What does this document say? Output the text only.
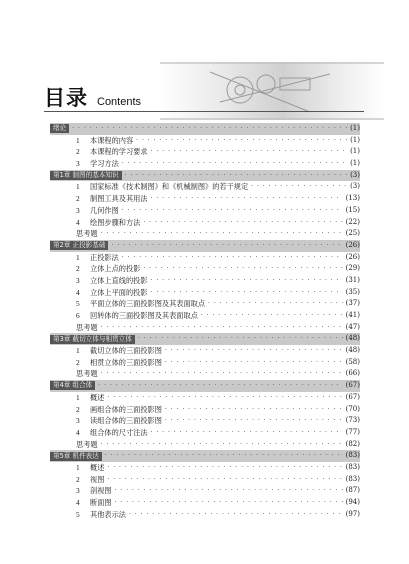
目录 Contents
绪论 · · ·	(1)
1	本课程的内容 · · ·	(1)
2	本课程的学习要求 · · ·	(1)
3	学习方法 · · ·	(1)
第1章 制图的基本知识 · · ·	(3)
1	国家标准《技术制图》和《机械制图》的若干规定 · · ·	(3)
2	制图工具及其用法 · · ·	(13)
3	几何作图 · · ·	(15)
4	绘图步骤和方法 · · ·	(22)
思考题 · · ·	(25)
第2章 正投影基础 · · ·	(26)
1	正投影法 · · ·	(26)
2	立体上点的投影 · · ·	(29)
3	立体上直线的投影 · · ·	(31)
4	立体上平面的投影 · · ·	(35)
5	平面立体的三面投影图及其表面取点 · · ·	(37)
6	回转体的三面投影图及其表面取点 · · ·	(41)
思考题 · · ·	(47)
第3章 截切立体与相贯立体 · · ·	(48)
1	截切立体的三面投影图 · · ·	(48)
2	相贯立体的三面投影图 · · ·	(58)
思考题 · · ·	(66)
第4章 组合体 · · ·	(67)
1	概述 · · ·	(67)
2	画组合体的三面投影图 · · ·	(70)
3	读组合体的三面投影图 · · ·	(73)
4	组合体的尺寸注法 · · ·	(77)
思考题 · · ·	(82)
第5章 机件表达 · · ·	(83)
1	概述 · · ·	(83)
2	视图 · · ·	(83)
3	剖视图 · · ·	(87)
4	断面图 · · ·	(94)
5	其他表示法 · · ·	(97)
